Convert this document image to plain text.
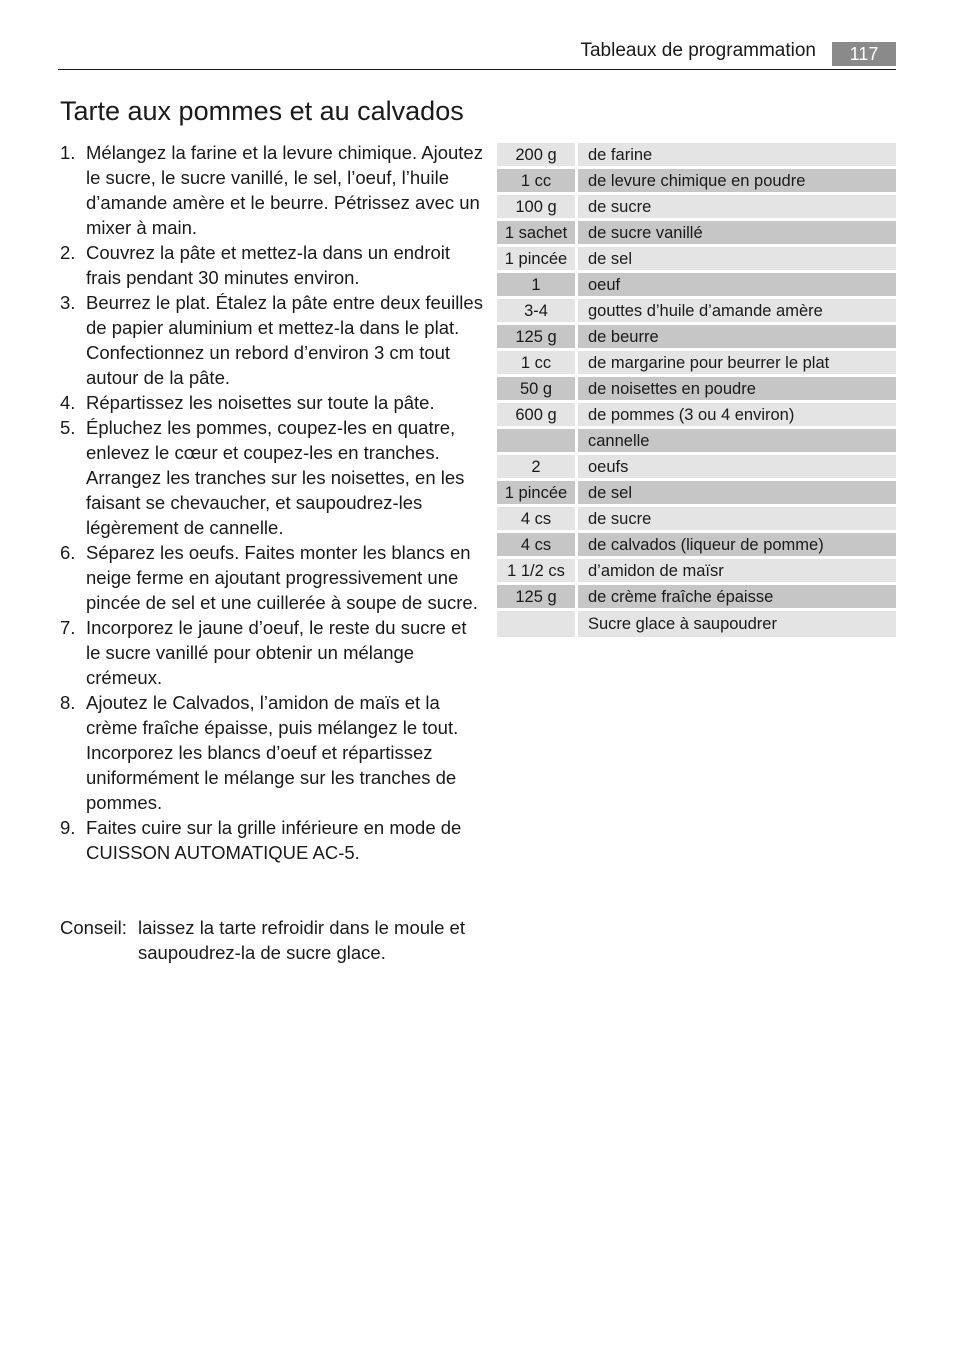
Tableaux de programmation	117
Tarte aux pommes et au calvados
1. Mélangez la farine et la levure chimique. Ajoutez le sucre, le sucre vanillé, le sel, l’oeuf, l’huile d’amande amère et le beurre. Pétrissez avec un mixer à main.
2. Couvrez la pâte et mettez-la dans un endroit frais pendant 30 minutes environ.
3. Beurrez le plat. Étalez la pâte entre deux feuilles de papier aluminium et mettez-la dans le plat. Confectionnez un rebord d’environ 3 cm tout autour de la pâte.
4. Répartissez les noisettes sur toute la pâte.
5. Épluchez les pommes, coupez-les en quatre, enlevez le cœur et coupez-les en tranches. Arrangez les tranches sur les noisettes, en les faisant se chevaucher, et saupoudrez-les légèrement de cannelle.
6. Séparez les oeufs. Faites monter les blancs en neige ferme en ajoutant progressivement une pincée de sel et une cuillerée à soupe de sucre.
7. Incorporez le jaune d’oeuf, le reste du sucre et le sucre vanillé pour obtenir un mélange crémeux.
8. Ajoutez le Calvados, l’amidon de maïs et la crème fraîche épaisse, puis mélangez le tout. Incorporez les blancs d’oeuf et répartissez uniformément le mélange sur les tranches de pommes.
9. Faites cuire sur la grille inférieure en mode de CUISSON AUTOMATIQUE AC-5.
Conseil: laissez la tarte refroidir dans le moule et saupoudrez-la de sucre glace.
200 g	de farine
1 cc	de levure chimique en poudre
100 g	de sucre
1 sachet	de sucre vanillé
1 pincée	de sel
1	oeuf
3-4	gouttes d’huile d’amande amère
125 g	de beurre
1 cc	de margarine pour beurrer le plat
50 g	de noisettes en poudre
600 g	de pommes (3 ou 4 environ)
	cannelle
2	oeufs
1 pincée	de sel
4 cs	de sucre
4 cs	de calvados (liqueur de pomme)
1 1/2 cs	d’amidon de maïsr
125 g	de crème fraîche épaisse
	Sucre glace à saupoudrer
